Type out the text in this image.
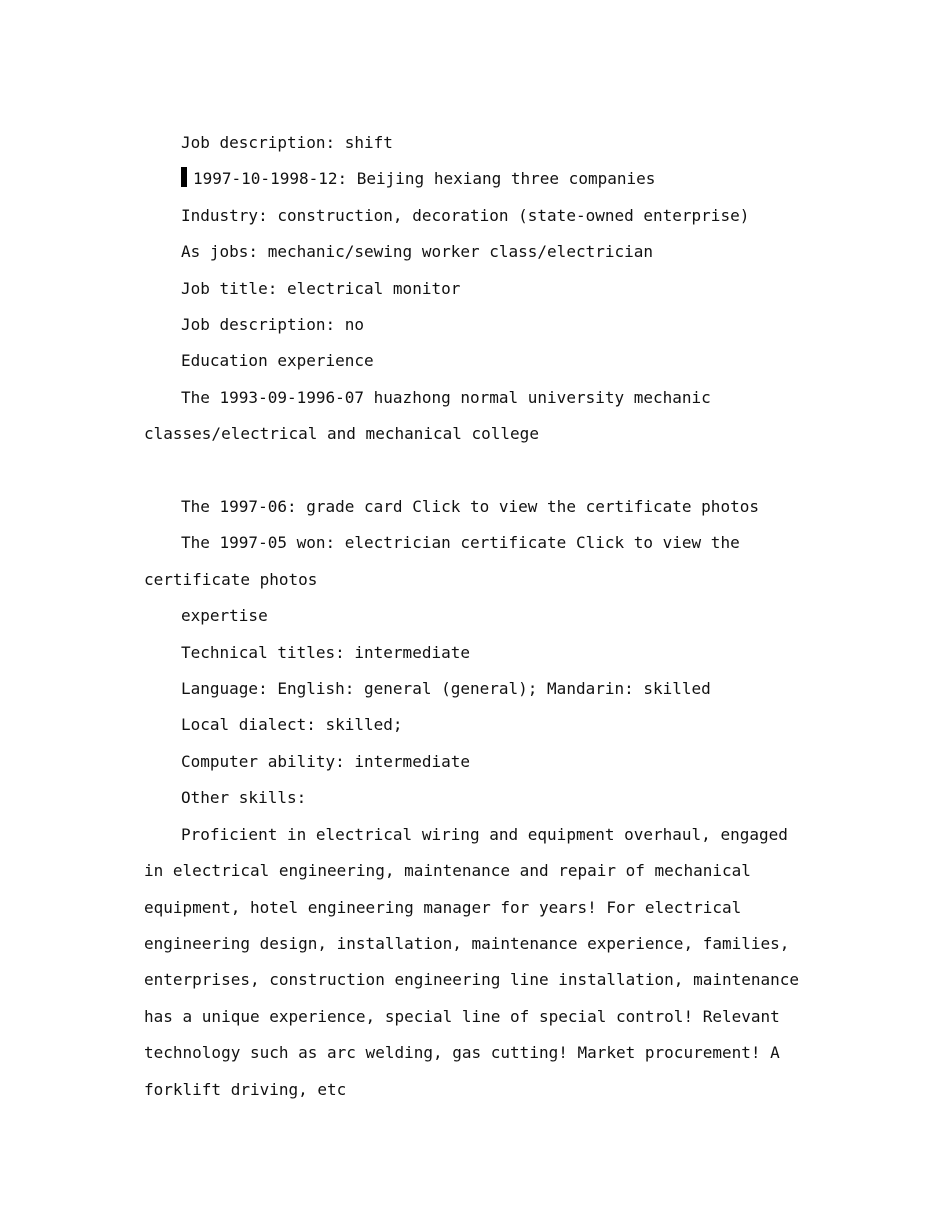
Job description: shift

1997-10-1998-12: Beijing hexiang three companies

Industry: construction, decoration (state-owned enterprise)

As jobs: mechanic/sewing worker class/electrician

Job title: electrical monitor

Job description: no

Education experience

The 1993-09-1996-07 huazhong normal university mechanic classes/electrical and mechanical college

The 1997-06: grade card Click to view the certificate photos

The 1997-05 won: electrician certificate Click to view the certificate photos

expertise

Technical titles: intermediate

Language: English: general (general); Mandarin: skilled

Local dialect: skilled;

Computer ability: intermediate

Other skills:

Proficient in electrical wiring and equipment overhaul, engaged in electrical engineering, maintenance and repair of mechanical equipment, hotel engineering manager for years! For electrical engineering design, installation, maintenance experience, families, enterprises, construction engineering line installation, maintenance has a unique experience, special line of special control! Relevant technology such as arc welding, gas cutting! Market procurement! A forklift driving, etc
